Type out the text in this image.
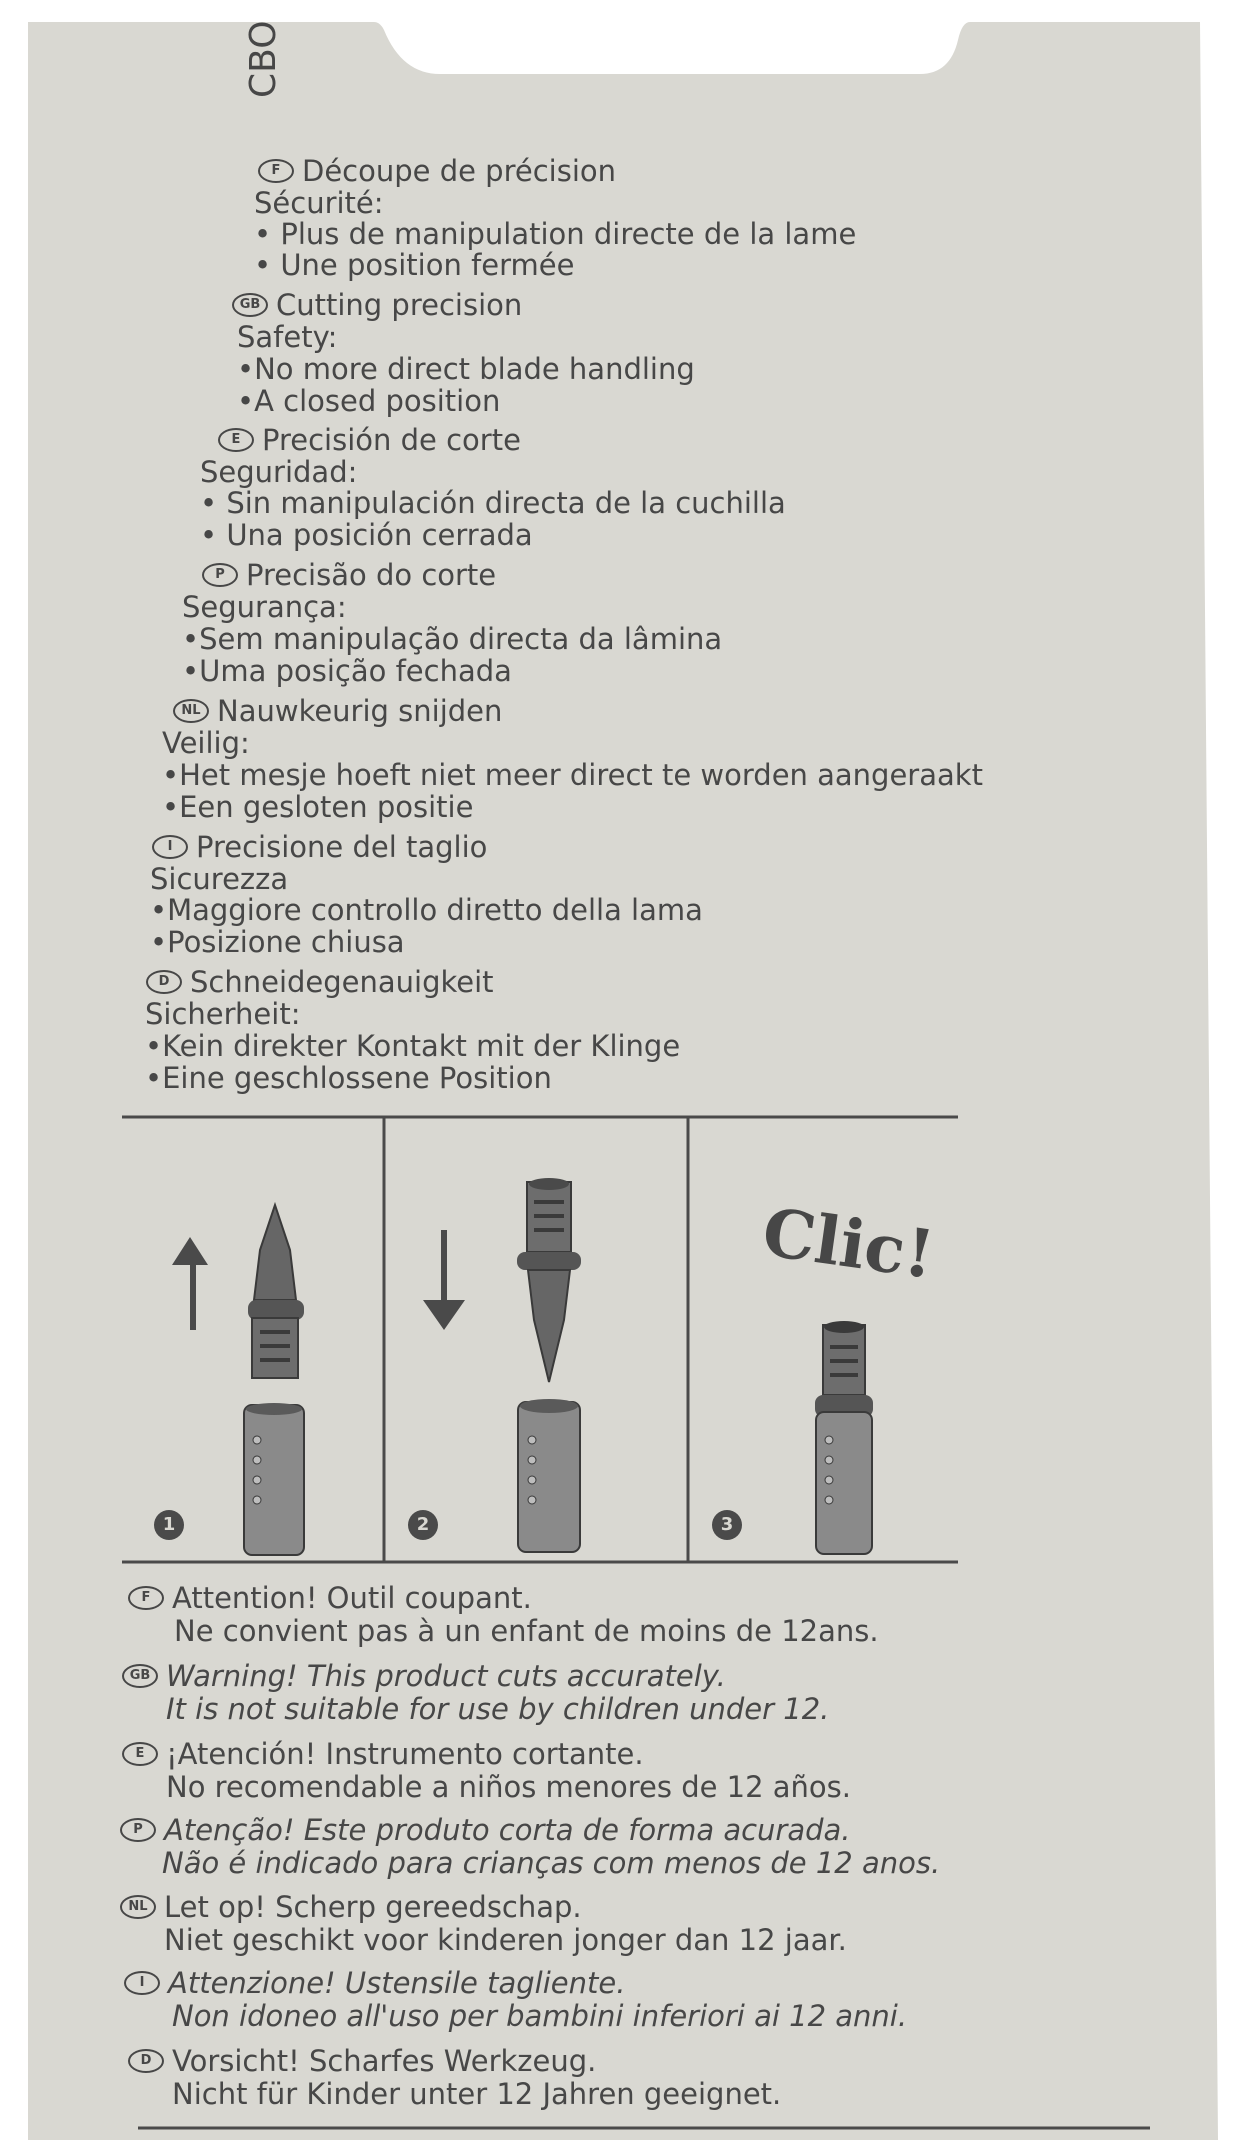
CBO
F Découpe de précision
Sécurité:
• Plus de manipulation directe de la lame
• Une position fermée
GB Cutting precision
Safety:
•No more direct blade handling
•A closed position
E Precisión de corte
Seguridad:
• Sin manipulación directa de la cuchilla
• Una posición cerrada
P Precisão do corte
Segurança:
•Sem manipulação directa da lâmina
•Uma posição fechada
NL Nauwkeurig snijden
Veilig:
•Het mesje hoeft niet meer direct te worden aangeraakt
•Een gesloten positie
I Precisione del taglio
Sicurezza
•Maggiore controllo diretto della lama
•Posizione chiusa
D Schneidegenauigkeit
Sicherheit:
•Kein direkter Kontakt mit der Klinge
•Eine geschlossene Position
1	2	3
Clic!
F Attention! Outil coupant.
Ne convient pas à un enfant de moins de 12ans.
GB Warning! This product cuts accurately.
It is not suitable for use by children under 12.
E ¡Atención! Instrumento cortante.
No recomendable a niños menores de 12 años.
P Atenção! Este produto corta de forma acurada.
Não é indicado para crianças com menos de 12 anos.
NL Let op! Scherp gereedschap.
Niet geschikt voor kinderen jonger dan 12 jaar.
I Attenzione! Ustensile tagliente.
Non idoneo all'uso per bambini inferiori ai 12 anni.
D Vorsicht! Scharfes Werkzeug.
Nicht für Kinder unter 12 Jahren geeignet.
